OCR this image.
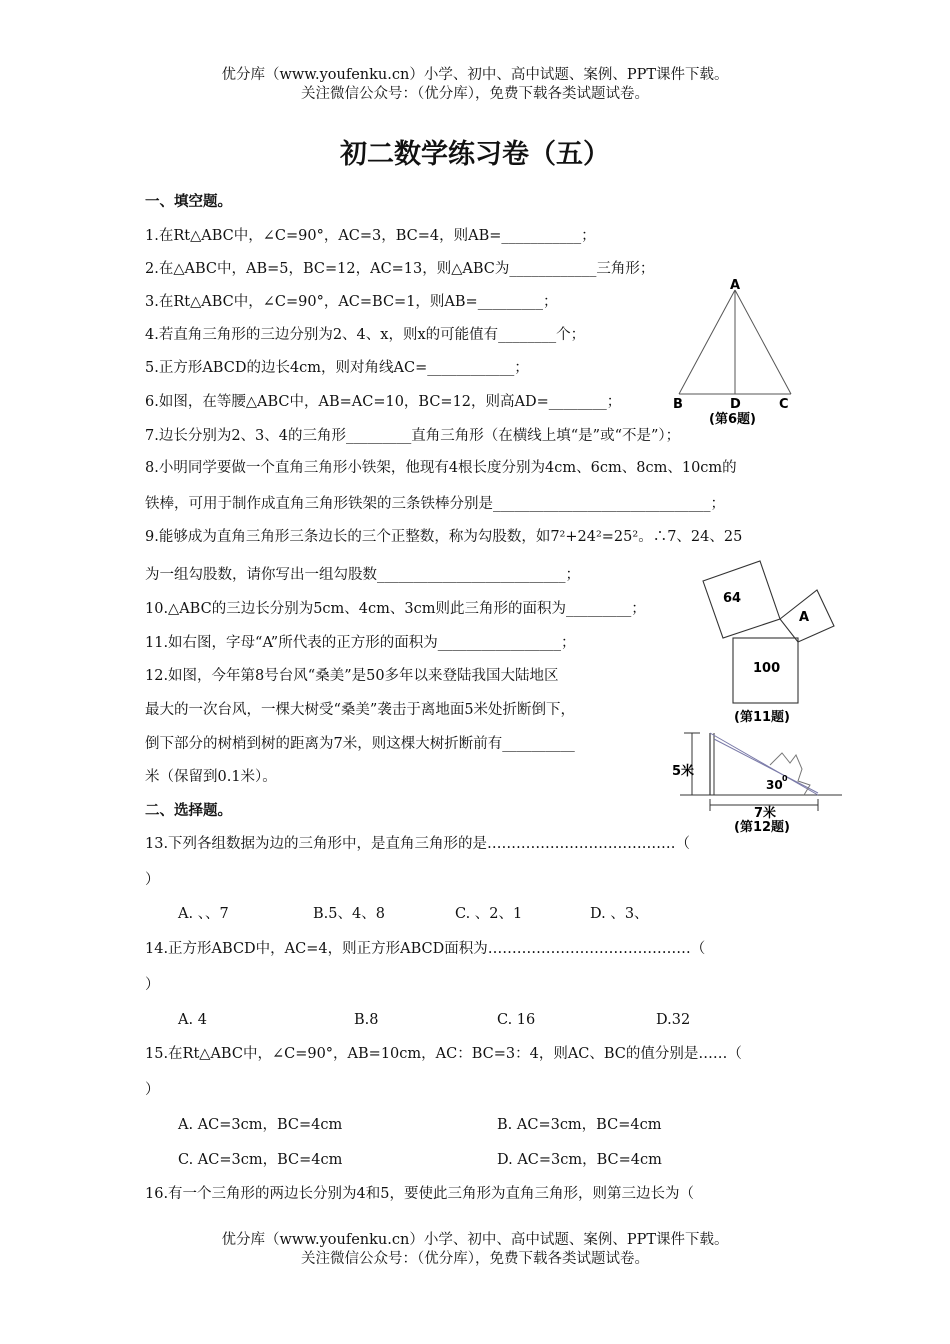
优分库（www.youfenku.cn）小学、初中、高中试题、案例、PPT课件下载。
关注微信公众号：（优分库），免费下载各类试题试卷。
初二数学练习卷（五）
一、填空题。
1.在Rt△ABC中，∠C=90°，AC=3，BC=4，则AB=___________；
2.在△ABC中，AB=5，BC=12，AC=13，则△ABC为____________三角形；
3.在Rt△ABC中，∠C=90°，AC=BC=1，则AB=_________；
4.若直角三角形的三边分别为2、4、x，则x的可能值有________个；
5.正方形ABCD的边长4cm，则对角线AC=____________；
6.如图，在等腰△ABC中，AB=AC=10，BC=12，则高AD=________；
7.边长分别为2、3、4的三角形_________直角三角形（在横线上填“是”或“不是”）；
8.小明同学要做一个直角三角形小铁架，他现有4根长度分别为4cm、6cm、8cm、10cm的
铁棒，可用于制作成直角三角形铁架的三条铁棒分别是______________________________；
9.能够成为直角三角形三条边长的三个正整数，称为勾股数，如7²+24²=25²。∴7、24、25
为一组勾股数，请你写出一组勾股数__________________________；
10.△ABC的三边长分别为5cm、4cm、3cm则此三角形的面积为_________；
11.如右图，字母“A”所代表的正方形的面积为_________________；
12.如图，今年第8号台风“桑美”是50多年以来登陆我国大陆地区
最大的一次台风，一棵大树受“桑美”袭击于离地面5米处折断倒下，
倒下部分的树梢到树的距离为7米，则这棵大树折断前有__________
米（保留到0.1米）。
二、选择题。
13.下列各组数据为边的三角形中，是直角三角形的是…………………………………（
）
A. 、、7	B.5、4、8	C. 、2、1	D. 、3、
14.正方形ABCD中，AC=4，则正方形ABCD面积为……………………………………（
）
A. 4	B.8	C. 16	D.32
15.在Rt△ABC中，∠C=90°，AB=10cm，AC：BC=3：4，则AC、BC的值分别是……（
）
A. AC=3cm，BC=4cm	B. AC=3cm，BC=4cm
C. AC=3cm，BC=4cm	D. AC=3cm，BC=4cm
16.有一个三角形的两边长分别为4和5，要使此三角形为直角三角形，则第三边长为（
A
B	D	C
(第6题)
64
A
100
(第11题)
5米
30 0
7米
(第12题)
优分库（www.youfenku.cn）小学、初中、高中试题、案例、PPT课件下载。
关注微信公众号：（优分库），免费下载各类试题试卷。
